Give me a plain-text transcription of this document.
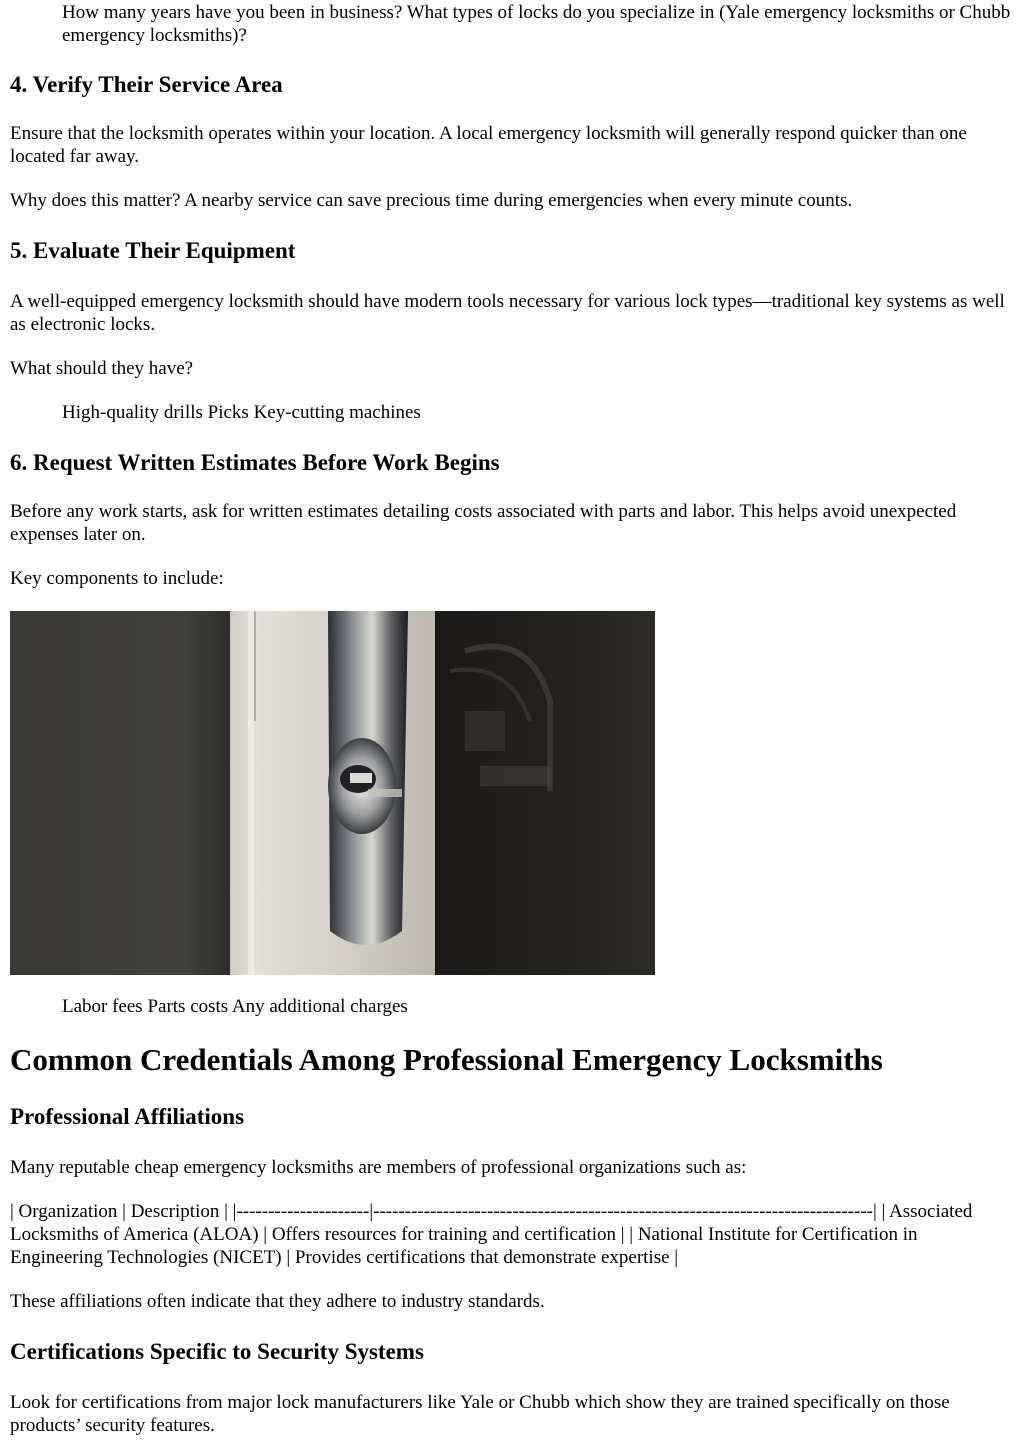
How many years have you been in business? What types of locks do you specialize in (Yale emergency locksmiths or Chubb emergency locksmiths)?

4. Verify Their Service Area

Ensure that the locksmith operates within your location. A local emergency locksmith will generally respond quicker than one located far away.

Why does this matter? A nearby service can save precious time during emergencies when every minute counts.

5. Evaluate Their Equipment

A well-equipped emergency locksmith should have modern tools necessary for various lock types—traditional key systems as well as electronic locks.

What should they have?

High-quality drills Picks Key-cutting machines

6. Request Written Estimates Before Work Begins

Before any work starts, ask for written estimates detailing costs associated with parts and labor. This helps avoid unexpected expenses later on.

Key components to include:

Labor fees Parts costs Any additional charges

Common Credentials Among Professional Emergency Locksmiths
Professional Affiliations

Many reputable cheap emergency locksmiths are members of professional organizations such as:

| Organization | Description | |---------------------|-------------------------------------------------------------------------------| | Associated Locksmiths of America (ALOA) | Offers resources for training and certification | | National Institute for Certification in Engineering Technologies (NICET) | Provides certifications that demonstrate expertise |

These affiliations often indicate that they adhere to industry standards.

Certifications Specific to Security Systems

Look for certifications from major lock manufacturers like Yale or Chubb which show they are trained specifically on those products’ security features.
